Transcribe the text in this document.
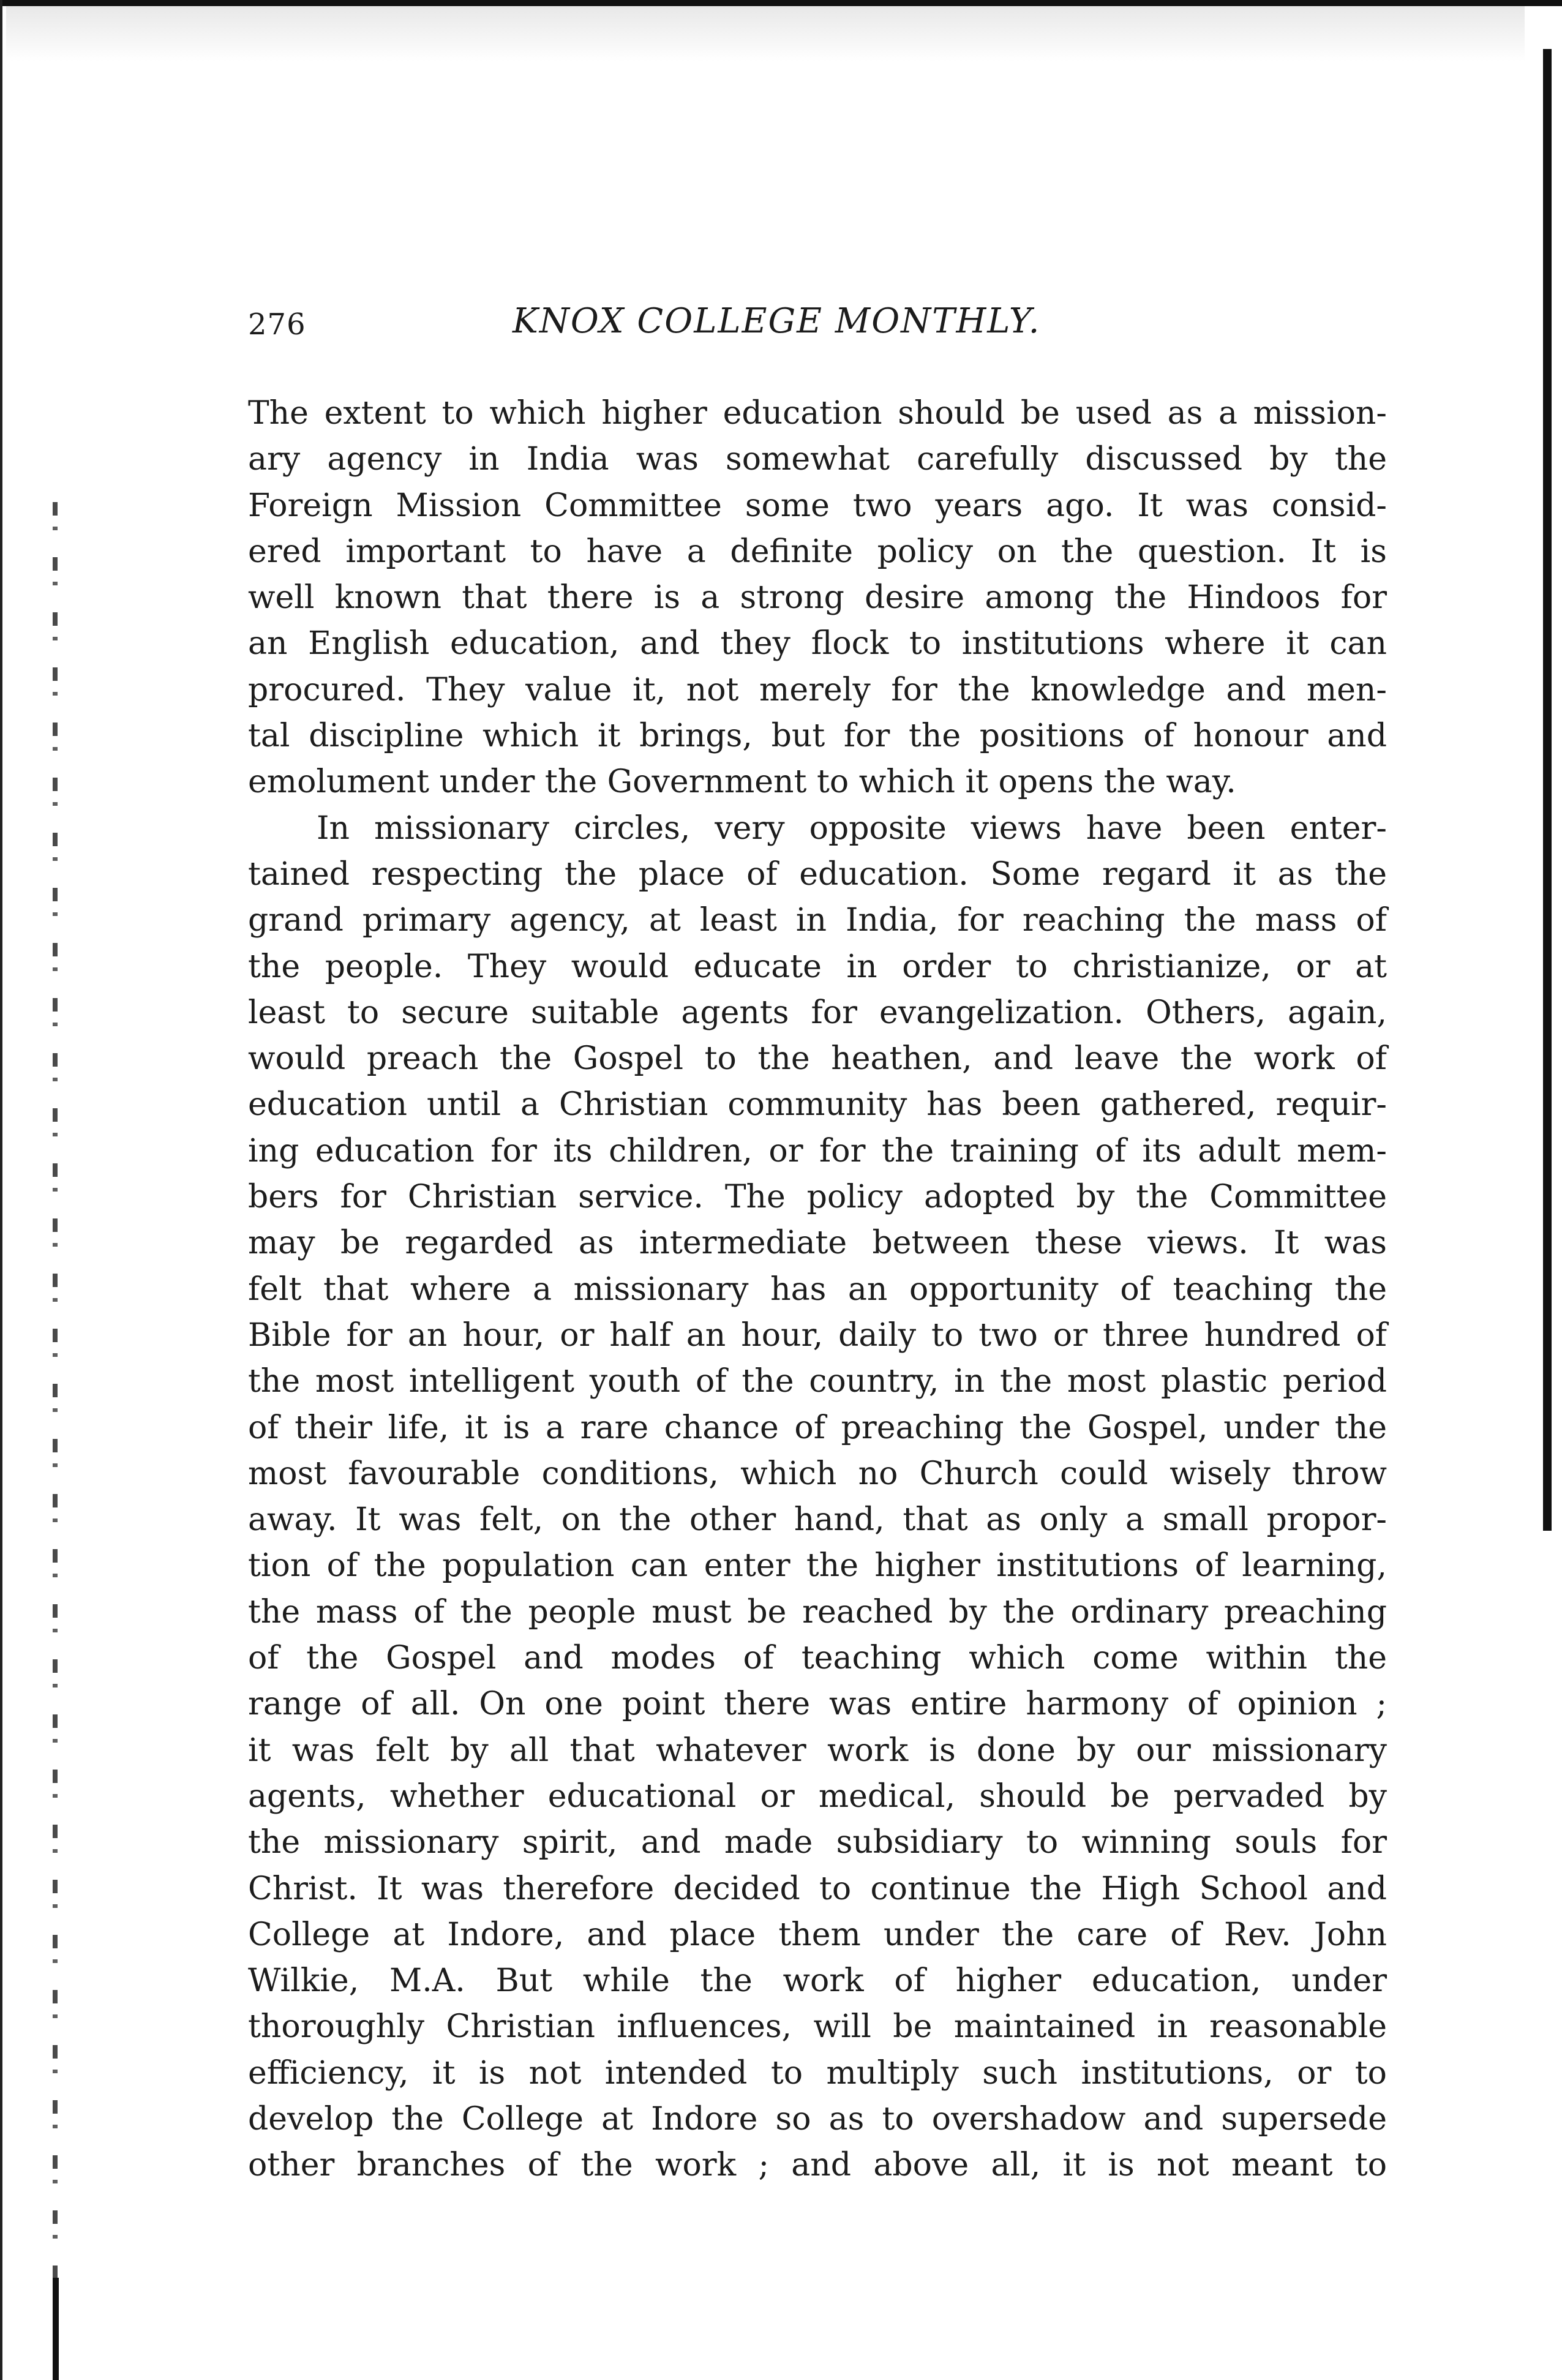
276	KNOX COLLEGE MONTHLY.
The extent to which higher education should be used as a mission-
ary agency in India was somewhat carefully discussed by the
Foreign Mission Committee some two years ago. It was consid-
ered important to have a definite policy on the question. It is
well known that there is a strong desire among the Hindoos for
an English education, and they flock to institutions where it can
procured. They value it, not merely for the knowledge and men-
tal discipline which it brings, but for the positions of honour and
emolument under the Government to which it opens the way.
In missionary circles, very opposite views have been enter-
tained respecting the place of education. Some regard it as the
grand primary agency, at least in India, for reaching the mass of
the people. They would educate in order to christianize, or at
least to secure suitable agents for evangelization. Others, again,
would preach the Gospel to the heathen, and leave the work of
education until a Christian community has been gathered, requir-
ing education for its children, or for the training of its adult mem-
bers for Christian service. The policy adopted by the Committee
may be regarded as intermediate between these views. It was
felt that where a missionary has an opportunity of teaching the
Bible for an hour, or half an hour, daily to two or three hundred of
the most intelligent youth of the country, in the most plastic period
of their life, it is a rare chance of preaching the Gospel, under the
most favourable conditions, which no Church could wisely throw
away. It was felt, on the other hand, that as only a small propor-
tion of the population can enter the higher institutions of learning,
the mass of the people must be reached by the ordinary preaching
of the Gospel and modes of teaching which come within the
range of all. On one point there was entire harmony of opinion ;
it was felt by all that whatever work is done by our missionary
agents, whether educational or medical, should be pervaded by
the missionary spirit, and made subsidiary to winning souls for
Christ. It was therefore decided to continue the High School and
College at Indore, and place them under the care of Rev. John
Wilkie, M.A. But while the work of higher education, under
thoroughly Christian influences, will be maintained in reasonable
efficiency, it is not intended to multiply such institutions, or to
develop the College at Indore so as to overshadow and supersede
other branches of the work ; and above all, it is not meant to
